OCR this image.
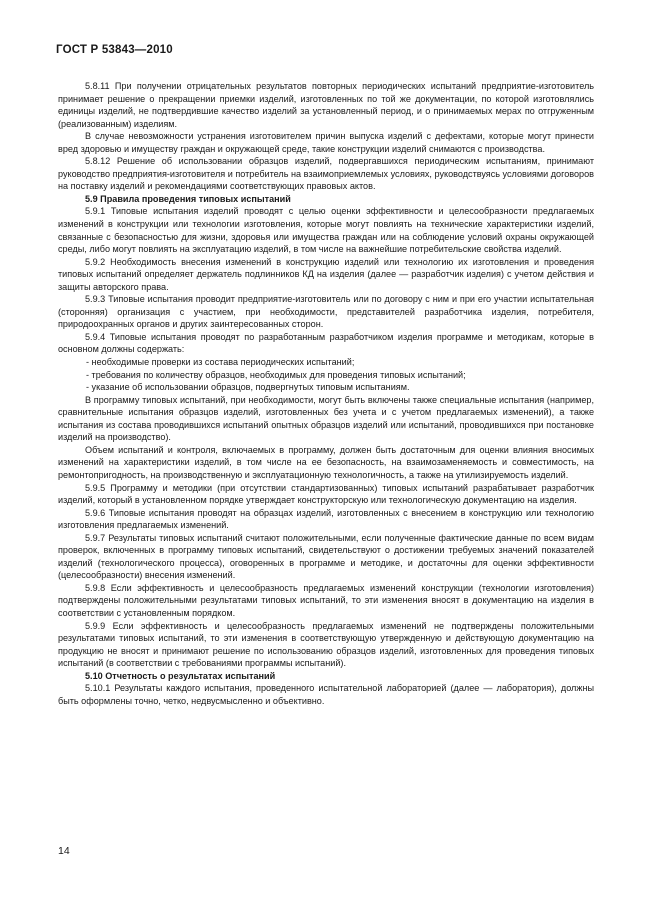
ГОСТ Р 53843—2010

5.8.11 При получении отрицательных результатов повторных периодических испытаний предприятие-изготовитель принимает решение о прекращении приемки изделий, изготовленных по той же документации, по которой изготовлялись единицы изделий, не подтвердившие качество изделий за установленный период, и о принимаемых мерах по отгруженным (реализованным) изделиям.

В случае невозможности устранения изготовителем причин выпуска изделий с дефектами, которые могут принести вред здоровью и имуществу граждан и окружающей среде, такие конструкции изделий снимаются с производства.

5.8.12 Решение об использовании образцов изделий, подвергавшихся периодическим испытаниям, принимают руководство предприятия-изготовителя и потребитель на взаимоприемлемых условиях, руководствуясь условиями договоров на поставку изделий и рекомендациями соответствующих правовых актов.

5.9 Правила проведения типовых испытаний

5.9.1 Типовые испытания изделий проводят с целью оценки эффективности и целесообразности предлагаемых изменений в конструкции или технологии изготовления, которые могут повлиять на технические характеристики изделий, связанные с безопасностью для жизни, здоровья или имущества граждан или на соблюдение условий охраны окружающей среды, либо могут повлиять на эксплуатацию изделий, в том числе на важнейшие потребительские свойства изделий.

5.9.2 Необходимость внесения изменений в конструкцию изделий или технологию их изготовления и проведения типовых испытаний определяет держатель подлинников КД на изделия (далее — разработчик изделия) с учетом действия и защиты авторского права.

5.9.3 Типовые испытания проводит предприятие-изготовитель или по договору с ним и при его участии испытательная (сторонняя) организация с участием, при необходимости, представителей разработчика изделия, потребителя, природоохранных органов и других заинтересованных сторон.

5.9.4 Типовые испытания проводят по разработанным разработчиком изделия программе и методикам, которые в основном должны содержать:

- необходимые проверки из состава периодических испытаний;

- требования по количеству образцов, необходимых для проведения типовых испытаний;

- указание об использовании образцов, подвергнутых типовым испытаниям.

В программу типовых испытаний, при необходимости, могут быть включены также специальные испытания (например, сравнительные испытания образцов изделий, изготовленных без учета и с учетом предлагаемых изменений), а также испытания из состава проводившихся испытаний опытных образцов изделий или испытаний, проводившихся при постановке изделий на производство).

Объем испытаний и контроля, включаемых в программу, должен быть достаточным для оценки влияния вносимых изменений на характеристики изделий, в том числе на ее безопасность, на взаимозаменяемость и совместимость, на ремонтопригодность, на производственную и эксплуатационную технологичность, а также на утилизируемость изделий.

5.9.5 Программу и методики (при отсутствии стандартизованных) типовых испытаний разрабатывает разработчик изделий, который в установленном порядке утверждает конструкторскую или технологическую документацию на изделия.

5.9.6 Типовые испытания проводят на образцах изделий, изготовленных с внесением в конструкцию или технологию изготовления предлагаемых изменений.

5.9.7 Результаты типовых испытаний считают положительными, если полученные фактические данные по всем видам проверок, включенных в программу типовых испытаний, свидетельствуют о достижении требуемых значений показателей изделий (технологического процесса), оговоренных в программе и методике, и достаточны для оценки эффективности (целесообразности) внесения изменений.

5.9.8 Если эффективность и целесообразность предлагаемых изменений конструкции (технологии изготовления) подтверждены положительными результатами типовых испытаний, то эти изменения вносят в документацию на изделия в соответствии с установленным порядком.

5.9.9 Если эффективность и целесообразность предлагаемых изменений не подтверждены положительными результатами типовых испытаний, то эти изменения в соответствующую утвержденную и действующую документацию на продукцию не вносят и принимают решение по использованию образцов изделий, изготовленных для проведения типовых испытаний (в соответствии с требованиями программы испытаний).

5.10 Отчетность о результатах испытаний

5.10.1 Результаты каждого испытания, проведенного испытательной лабораторией (далее — лаборатория), должны быть оформлены точно, четко, недвусмысленно и объективно.

14
